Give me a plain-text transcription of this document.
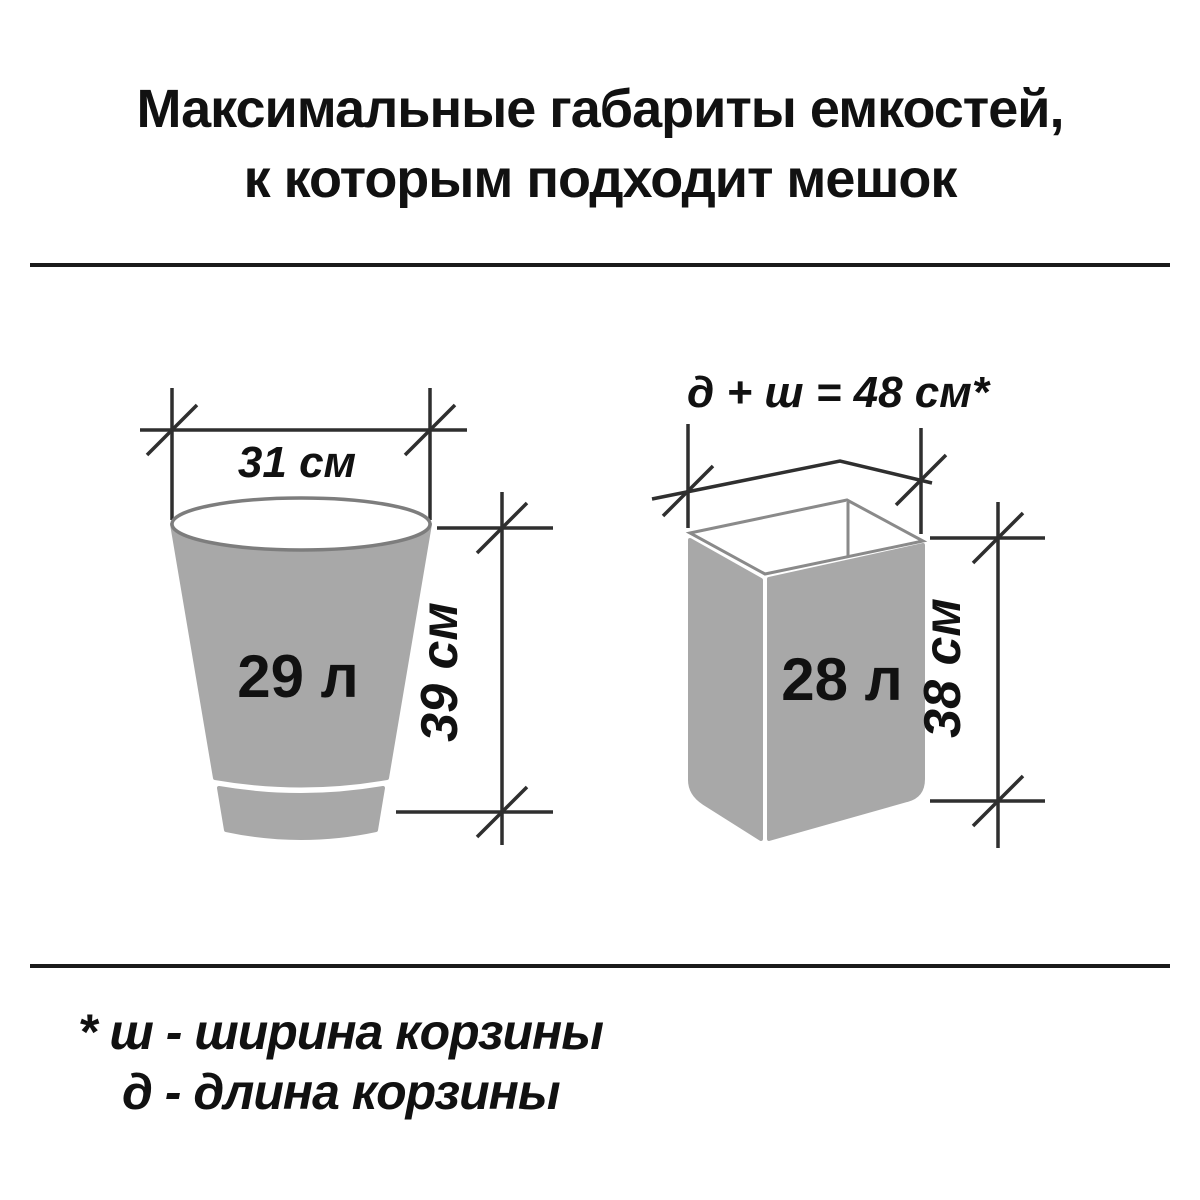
Максимальные габариты емкостей,
к которым подходит мешок
31 см
29 л 39 см
д + ш = 48 см*
28 л 38 см
* ш - ширина корзины
д - длина корзины
